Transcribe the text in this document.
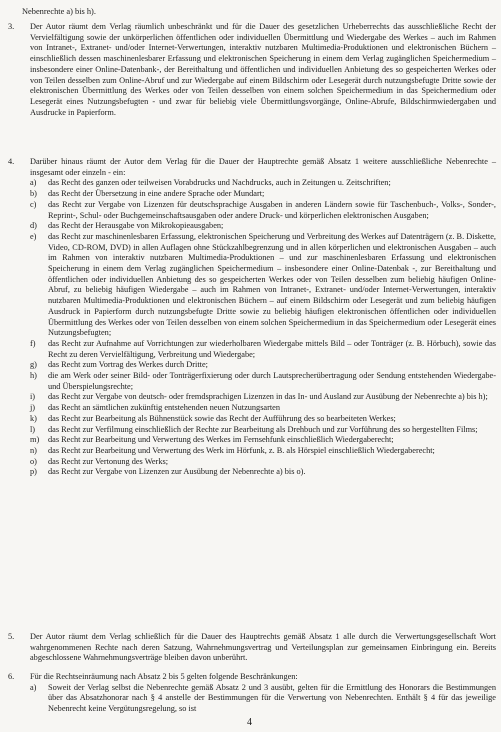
Nebenrechte a) bis h).
3.	Der Autor räumt dem Verlag räumlich unbeschränkt und für die Dauer des gesetzlichen Urheberrechts das ausschließliche Recht der Vervielfältigung sowie der unkörperlichen öffentlichen oder individuellen Übermittlung und Wiedergabe des Werkes – auch im Rahmen von Intranet-, Extranet- und/oder Internet-Verwertungen, interaktiv nutzbaren Multimedia-Produktionen und elektronischen Büchern – einschließlich dessen maschinenlesbarer Erfassung und elektronischen Speicherung in einem dem Verlag zugänglichen Speichermedium – insbesondere einer Online-Datenbank-, der Bereithaltung und öffentlichen und individuellen Anbietung des so gespeicherten Werkes oder von Teilen desselben zum Online-Abruf und zur Wiedergabe auf einem Bildschirm oder Lesegerät durch nutzungsbefugte Dritte sowie der elektronischen Übermittlung des Werkes oder von Teilen desselben von einem solchen Speichermedium in das Speichermedium oder Lesegerät eines Nutzungsbefugten - und zwar für beliebig viele Übermittlungsvorgänge, Online-Abrufe, Bildschirmwiedergaben und Ausdrucke in Papierform.
4.	Darüber hinaus räumt der Autor dem Verlag für die Dauer der Hauptrechte gemäß Absatz 1 weitere ausschließliche Nebenrechte – insgesamt oder einzeln - ein:
a) das Recht des ganzen oder teilweisen Vorabdrucks und Nachdrucks, auch in Zeitungen u. Zeitschriften;
b) das Recht der Übersetzung in eine andere Sprache oder Mundart;
c) das Recht zur Vergabe von Lizenzen für deutschsprachige Ausgaben in anderen Ländern sowie für Taschenbuch-, Volks-, Sonder-, Reprint-, Schul- oder Buchgemeinschaftsausgaben oder andere Druck- und körperlichen elektronischen Ausgaben;
d) das Recht der Herausgabe von Mikrokopieausgaben;
e) das Recht zur maschinenlesbaren Erfassung, elektronischen Speicherung und Verbreitung des Werkes auf Datenträgern (z. B. Diskette, Video, CD-ROM, DVD) in allen Auflagen ohne Stückzahlbegrenzung und in allen körperlichen und elektronischen Ausgaben – auch im Rahmen von interaktiv nutzbaren Multimedia-Produktionen – und zur maschinenlesbaren Erfassung und elektronischen Speicherung in einem dem Verlag zugänglichen Speichermedium – insbesondere einer Online-Datenbak -, zur Bereithaltung und öffentlichen oder individuellen Anbietung des so gespeicherten Werkes oder von Teilen desselben zum beliebig häufigen Online-Abruf, zu beliebig häufigen Wiedergabe – auch im Rahmen von Intranet-, Extranet- und/oder Internet-Verwertungen, interaktiv nutzbaren Multimedia-Produktionen und elektronischen Büchern – auf einem Bildschirm oder Lesegerät und zum beliebig häufigen Ausdruck in Papierform durch nutzungsbefugte Dritte sowie zu beliebig häufigen elektronischen öffentlichen oder individuellen Übermittlung des Werkes oder von Teilen desselben von einem solchen Speichermedium in das Speichermedium oder Lesegerät eines Nutzungsbefugten;
f) das Recht zur Aufnahme auf Vorrichtungen zur wiederholbaren Wiedergabe mittels Bild – oder Tonträger (z. B. Hörbuch), sowie das Recht zu deren Vervielfältigung, Verbreitung und Wiedergabe;
g) das Recht zum Vortrag des Werkes durch Dritte;
h) die am Werk oder seiner Bild- oder Tonträgerfixierung oder durch Lautsprecherübertragung oder Sendung entstehenden Wiedergabe- und Überspielungsrechte;
i) das Recht zur Vergabe von deutsch- oder fremdsprachigen Lizenzen in das In- und Ausland zur Ausübung der Nebenrechte a) bis h);
j) das Recht an sämtlichen zukünftig entstehenden neuen Nutzungsarten
k) das Recht zur Bearbeitung als Bühnenstück sowie das Recht der Aufführung des so bearbeiteten Werkes;
l) das Recht zur Verfilmung einschließlich der Rechte zur Bearbeitung als Drehbuch und zur Vorführung des so hergestellten Films;
m) das Recht zur Bearbeitung und Verwertung des Werkes im Fernsehfunk einschließlich Wiedergaberecht;
n) das Recht zur Bearbeitung und Verwertung des Werk im Hörfunk, z. B. als Hörspiel einschließlich Wiedergaberecht;
o) das Recht zur Vertonung des Werks;
p) das Recht zur Vergabe von Lizenzen zur Ausübung der Nebenrechte a) bis o).
5.	Der Autor räumt dem Verlag schließlich für die Dauer des Hauptrechts gemäß Absatz 1 alle durch die Verwertungsgesellschaft Wort wahrgenommenen Rechte nach deren Satzung, Wahrnehmungsvertrag und Verteilungsplan zur gemeinsamen Einbringung ein. Bereits abgeschlossene Wahrnehmungsverträge bleiben davon unberührt.
6.	Für die Rechtseinräumung nach Absatz 2 bis 5 gelten folgende Beschränkungen:
a) Soweit der Verlag selbst die Nebenrechte gemäß Absatz 2 und 3 ausübt, gelten für die Ermittlung des Honorars die Bestimmungen über das Absatzhonorar nach § 4 anstelle der Bestimmungen für die Verwertung von Nebenrechten. Enthält § 4 für das jeweilige Nebenrecht keine Vergütungsregelung, so ist
4
